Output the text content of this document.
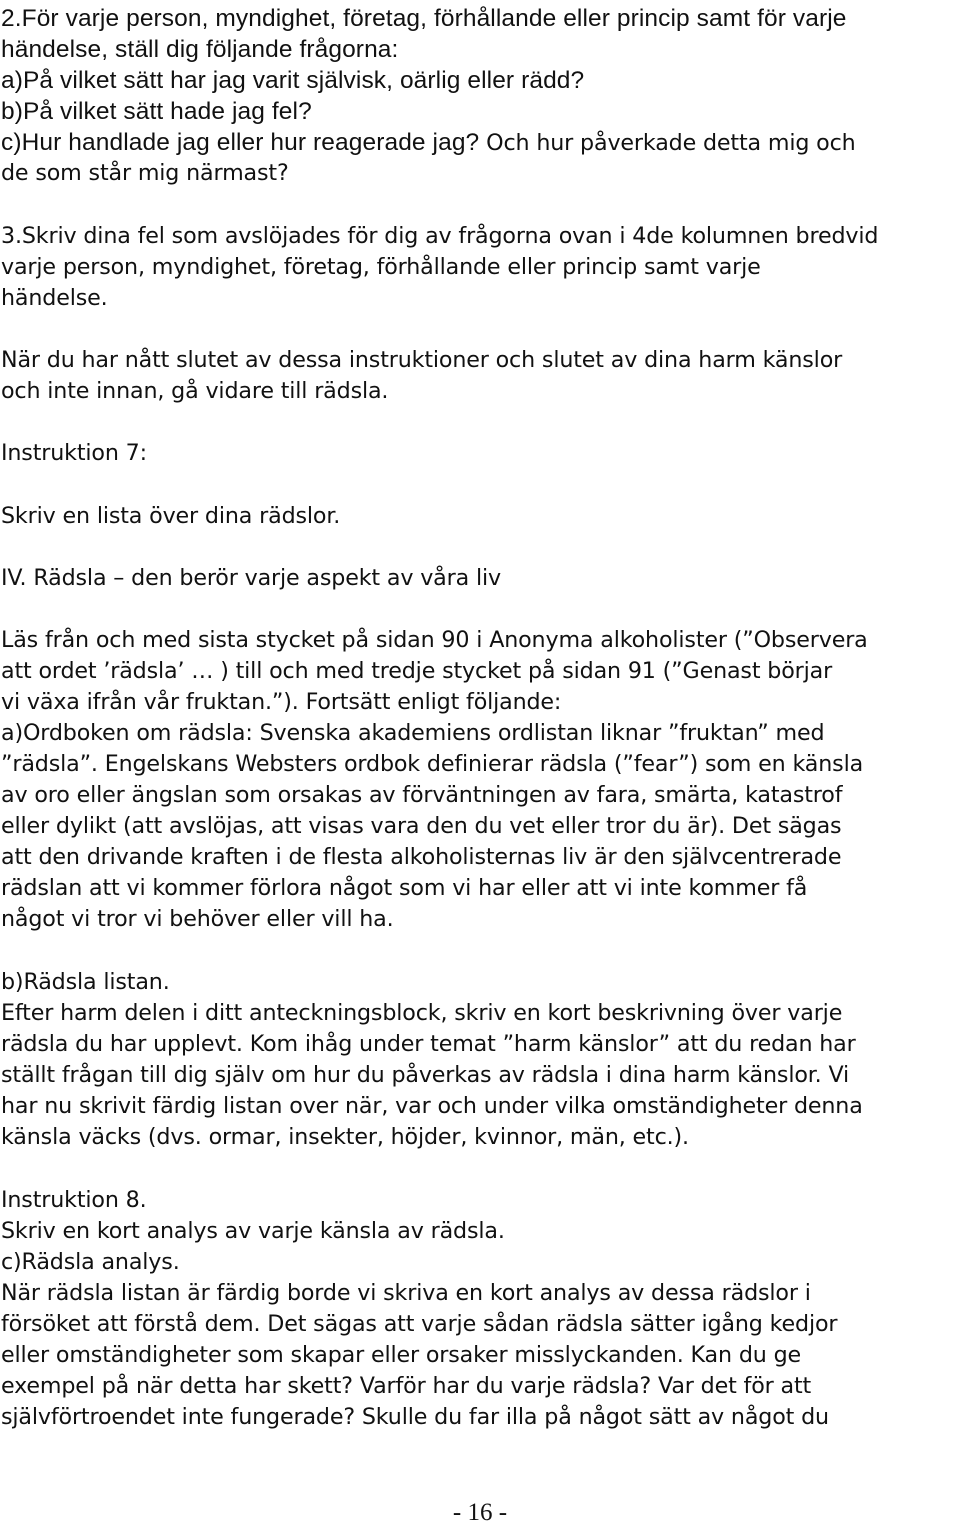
2.För varje person, myndighet, företag, förhållande eller princip samt för varje
händelse, ställ dig följande frågorna:
a)På vilket sätt har jag varit självisk, oärlig eller rädd?
b)På vilket sätt hade jag fel?
c)Hur handlade jag eller hur reagerade jag? Och hur påverkade detta mig och
de som står mig närmast?
3.Skriv dina fel som avslöjades för dig av frågorna ovan i 4de kolumnen bredvid
varje person, myndighet, företag, förhållande eller princip samt varje
händelse.
När du har nått slutet av dessa instruktioner och slutet av dina harm känslor
och inte innan, gå vidare till rädsla.
Instruktion 7:
Skriv en lista över dina rädslor.
IV. Rädsla – den berör varje aspekt av våra liv
Läs från och med sista stycket på sidan 90 i Anonyma alkoholister (”Observera
att ordet ’rädsla’ … ) till och med tredje stycket på sidan 91 (”Genast börjar
vi växa ifrån vår fruktan.”). Fortsätt enligt följande:
a)Ordboken om rädsla: Svenska akademiens ordlistan liknar ”fruktan” med
”rädsla”. Engelskans Websters ordbok definierar rädsla (”fear”) som en känsla
av oro eller ängslan som orsakas av förväntningen av fara, smärta, katastrof
eller dylikt (att avslöjas, att visas vara den du vet eller tror du är). Det sägas
att den drivande kraften i de flesta alkoholisternas liv är den självcentrerade
rädslan att vi kommer förlora något som vi har eller att vi inte kommer få
något vi tror vi behöver eller vill ha.
b)Rädsla listan.
Efter harm delen i ditt anteckningsblock, skriv en kort beskrivning över varje
rädsla du har upplevt. Kom ihåg under temat ”harm känslor” att du redan har
ställt frågan till dig själv om hur du påverkas av rädsla i dina harm känslor. Vi
har nu skrivit färdig listan over när, var och under vilka omständigheter denna
känsla väcks (dvs. ormar, insekter, höjder, kvinnor, män, etc.).
Instruktion 8.
Skriv en kort analys av varje känsla av rädsla.
c)Rädsla analys.
När rädsla listan är färdig borde vi skriva en kort analys av dessa rädslor i
försöket att förstå dem. Det sägas att varje sådan rädsla sätter igång kedjor
eller omständigheter som skapar eller orsaker misslyckanden. Kan du ge
exempel på när detta har skett? Varför har du varje rädsla? Var det för att
självförtroendet inte fungerade? Skulle du far illa på något sätt av något du
- 16 -
